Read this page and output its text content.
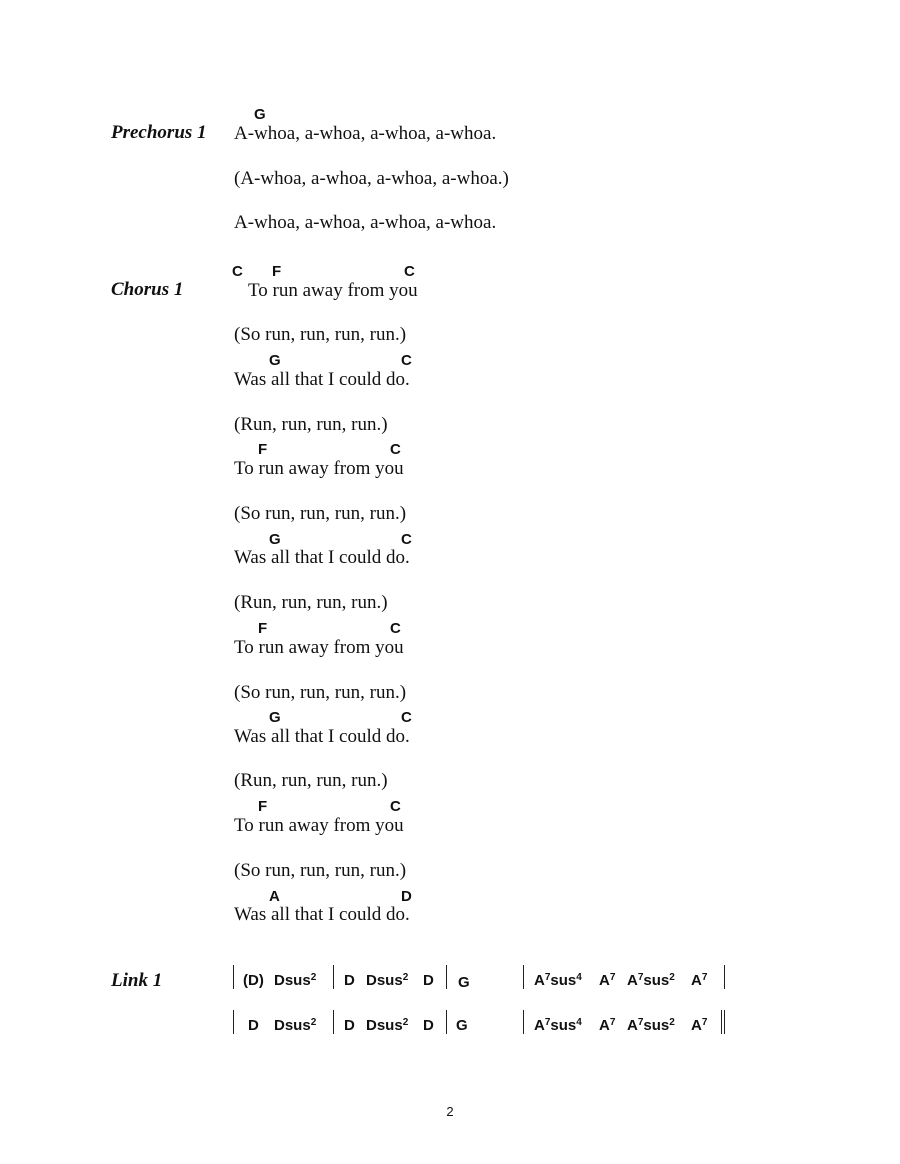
G
Prechorus 1 A-whoa, a-whoa, a-whoa, a-whoa.
(A-whoa, a-whoa, a-whoa, a-whoa.)
A-whoa, a-whoa, a-whoa, a-whoa.
C F	C
Chorus 1	To run away from you
(So run, run, run, run.)
G	C
Was all that I could do.
(Run, run, run, run.)
F	C
To run away from you
(So run, run, run, run.)
G	C
Was all that I could do.
(Run, run, run, run.)
F	C
To run away from you
(So run, run, run, run.)
G	C
Was all that I could do.
(Run, run, run, run.)
F	C
To run away from you
(So run, run, run, run.)
A	D
Was all that I could do.
Link 1	(D) Dsus$^2$ D Dsus$^2$ D G	$A^7sus^4$ $A^7$ $A^7sus^2$ $A^7$
D Dsus$^2$ D Dsus$^2$ D G	$A^7sus^4$ $A^7$ $A^7sus^2$ $A^7$
2
